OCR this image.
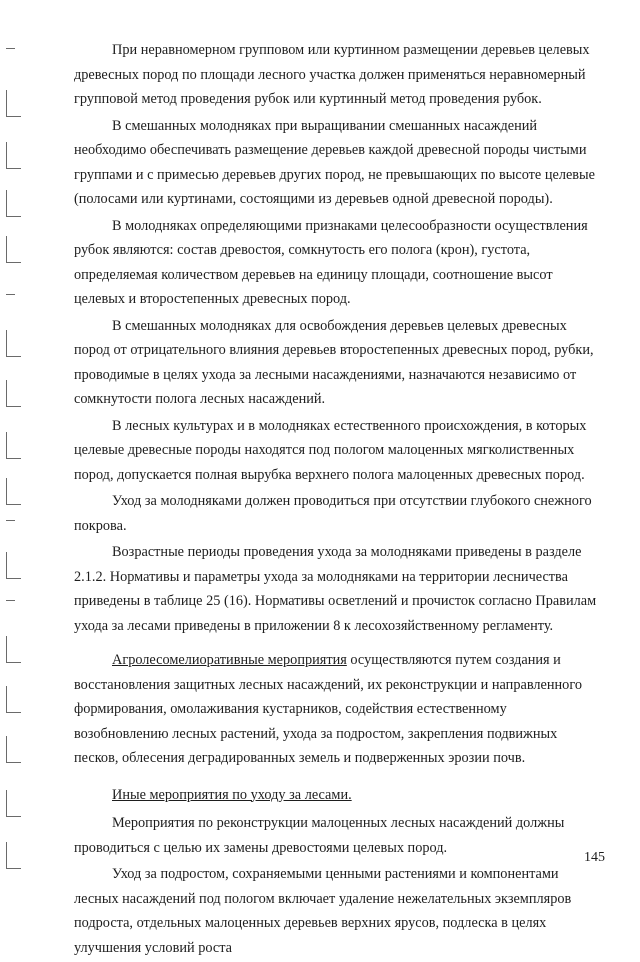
При неравномерном групповом или куртинном размещении деревьев целевых древесных пород по площади лесного участка должен применяться неравномерный групповой метод проведения рубок или куртинный метод проведения рубок.

В смешанных молодняках при выращивании смешанных насаждений необходимо обеспечивать размещение деревьев каждой древесной породы чистыми группами и с примесью деревьев других пород, не превышающих по высоте целевые (полосами или куртинами, состоящими из деревьев одной древесной породы).

В молодняках определяющими признаками целесообразности осуществления рубок являются: состав древостоя, сомкнутость его полога (крон), густота, определяемая количеством деревьев на единицу площади, соотношение высот целевых и второстепенных древесных пород.

В смешанных молодняках для освобождения деревьев целевых древесных пород от отрицательного влияния деревьев второстепенных древесных пород, рубки, проводимые в целях ухода за лесными насаждениями, назначаются независимо от сомкнутости полога лесных насаждений.

В лесных культурах и в молодняках естественного происхождения, в которых целевые древесные породы находятся под пологом малоценных мягколиственных пород, допускается полная вырубка верхнего полога малоценных древесных пород.

Уход за молодняками должен проводиться при отсутствии глубокого снежного покрова.

Возрастные периоды проведения ухода за молодняками приведены в разделе 2.1.2. Нормативы и параметры ухода за молодняками на территории лесничества приведены в таблице 25 (16). Нормативы осветлений и прочисток согласно Правилам ухода за лесами приведены в приложении 8 к лесохозяйственному регламенту.

Агролесомелиоративные мероприятия осуществляются путем создания и восстановления защитных лесных насаждений, их реконструкции и направленного формирования, омолаживания кустарников, содействия естественному возобновлению лесных растений, ухода за подростом, закрепления подвижных песков, облесения деградированных земель и подверженных эрозии почв.

Иные мероприятия по уходу за лесами.

Мероприятия по реконструкции малоценных лесных насаждений должны проводиться с целью их замены древостоями целевых пород.

Уход за подростом, сохраняемыми ценными растениями и компонентами лесных насаждений под пологом включает удаление нежелательных экземпляров подроста, отдельных малоценных деревьев верхних ярусов, подлеска в целях улучшения условий роста

145
